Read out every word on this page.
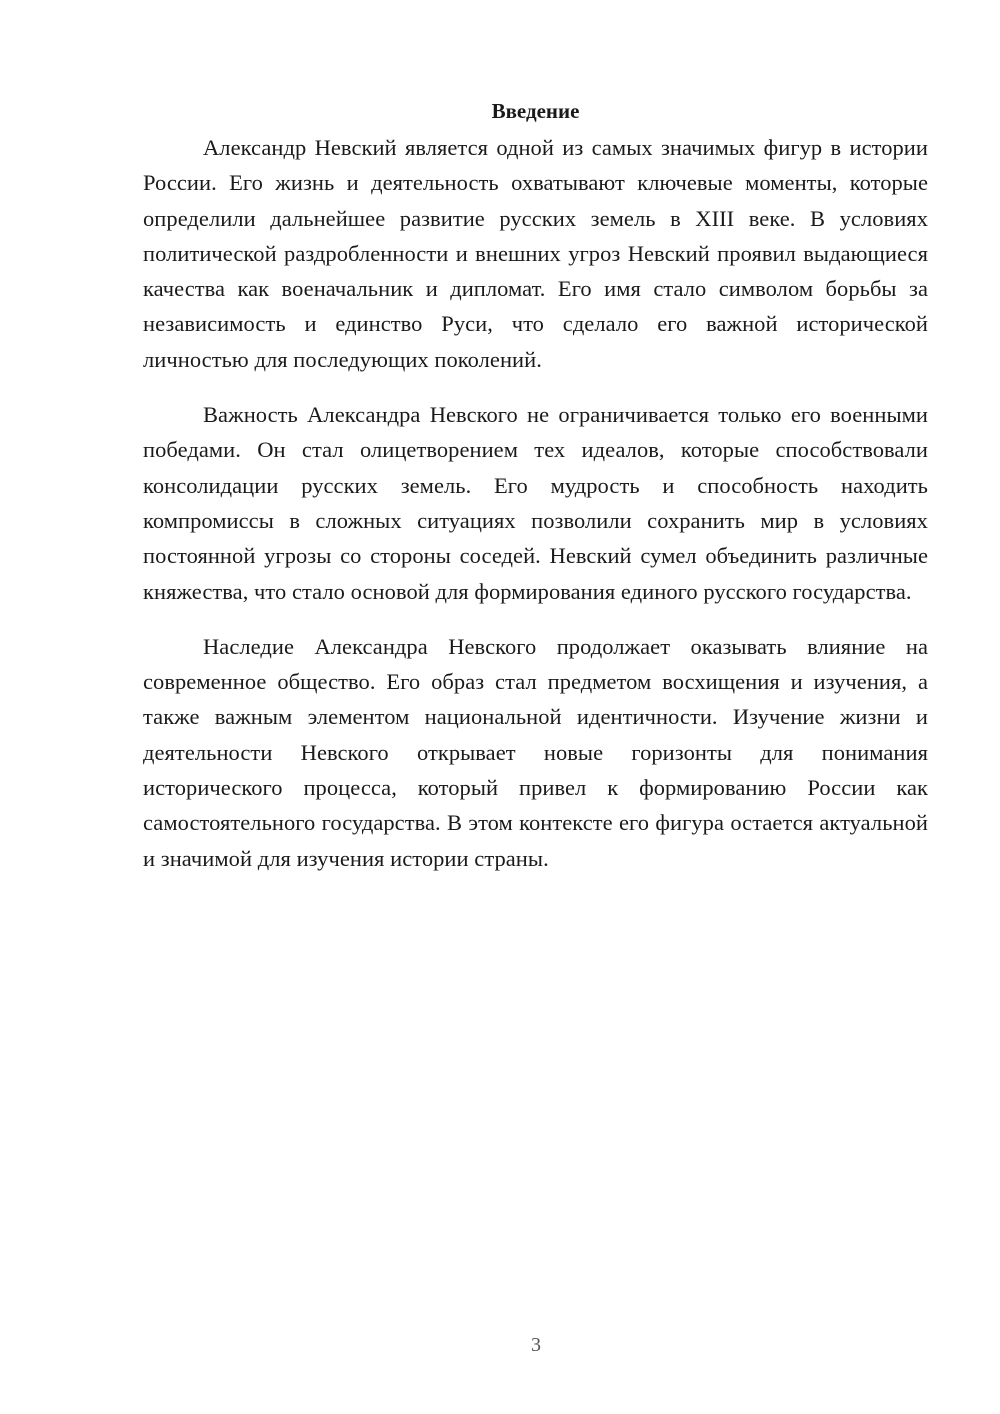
Введение

Александр Невский является одной из самых значимых фигур в истории России. Его жизнь и деятельность охватывают ключевые моменты, которые определили дальнейшее развитие русских земель в XIII веке. В условиях политической раздробленности и внешних угроз Невский проявил выдающиеся качества как военачальник и дипломат. Его имя стало символом борьбы за независимость и единство Руси, что сделало его важной исторической личностью для последующих поколений.

Важность Александра Невского не ограничивается только его военными победами. Он стал олицетворением тех идеалов, которые способствовали консолидации русских земель. Его мудрость и способность находить компромиссы в сложных ситуациях позволили сохранить мир в условиях постоянной угрозы со стороны соседей. Невский сумел объединить различные княжества, что стало основой для формирования единого русского государства.

Наследие Александра Невского продолжает оказывать влияние на современное общество. Его образ стал предметом восхищения и изучения, а также важным элементом национальной идентичности. Изучение жизни и деятельности Невского открывает новые горизонты для понимания исторического процесса, который привел к формированию России как самостоятельного государства. В этом контексте его фигура остается актуальной и значимой для изучения истории страны.

3
